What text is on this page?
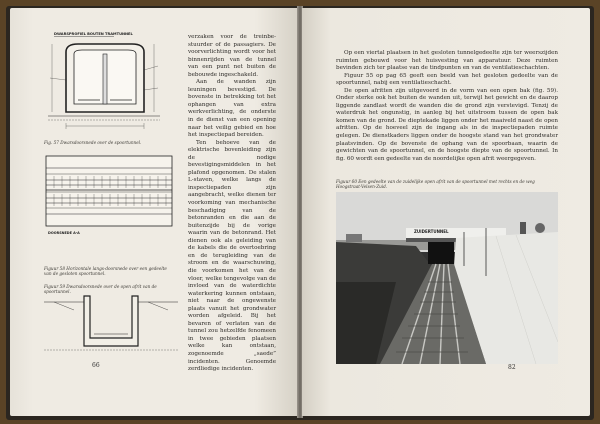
DWARSPROFIEL BOUTEN TRAMTUNNEL
Fig. 57 Dwarsdoorsnede over de spoortunnel.
DOORSNEDE A-A
Figuur 58 Horizontale langs-doorsnede over een gedeelte van de gesloten spoortunnel.
Figuur 59 Dwarsdoorsnede over de open afrit van de spoortunnel.

verzaken voor de treinbe-stuurder of de passagiers. De voorverlichting wordt voor het binnenrijden van de tunnel van een punt net buiten de bebouwde ingeschakeld.

Aan de wanden zijn leuningen bevestigd. De bovenste in betrekking tot het ophangen van extra werkverlichting, de onderste in de dienst van een opening naar het veilig gebied en hoe het inspectiepad bereiden.

Ten behoeve van de elektrische bovenleiding zijn de nodige bevestigingsmiddelen in het plafond opgenomen. De stalen L-staven, welke langs de inspectiepaden zijn aangebracht, welke dienen ter voorkoming van mechanische beschadiging van de betonranden en die aan de buitenzijde bij de vorige waarin van de betonrand. Het dienen ook als geleiding van de kabels die de overtoebring en de terugleiding van de stroom en de waarschuwing, die voorkomen het van de vloer, welke tengevolge van de invloed van de waterdichte waterkering kunnen ontstaan, niet naar de ongewenste plaats vanuit het grondwater worden afgeleid. Bij het bevaren of verlaten van de tunnel zou hetzelfde fenomeen in twee gebieden plaatsen welke kan ontstaan, zogenoemde „saede” incidenten. Genoemde zerdliedige incidenten.

66

Op een viertal plaatsen in het gesloten tunnelgedeelte zijn ter weerszijden ruimten gebouwd voor het huisvesting van apparatuur. Deze ruimten bevinden zich ter plaatse van de tindpunten en van de ventilatieschachten.

Figuur 55 op pag 65 geeft een beeld van het gesloten gedeelte van de spoortunnel, nabij een ventilatieschacht.

De open afritten zijn uitgevoerd in de vorm van een open bak (fig. 59). Onder sterke ook het buiten de wanden uit, terwijl het gewicht en de daarop liggende zandlast wordt de wanden die de grond zijn verstevigd. Tenzij de waterdruk het ongunstig, in aanleg bij het uitstroom tussen de open bak komen van de grond. De dieptekade liggen onder het maaiveld naast de open afritten. Op de hoeveel zijn de ingang als in de inspectiepaden ruimte gelegen. De dienstkaders liggen onder de hoogste stand van het grondwater plaatsvinden. Op de bovenste de ophang van de spoorbaan, waarin de gewichten van de spoortunnel, en de hoogste diepte van de spoortunnel. In fig. 60 wordt een gedeelte van de noordelijke open afrit weergegeven.

Figuur 60 Een gedeelte van de zuidelijke open afrit van de spoortunnel met rechts en de weg Hoogstraat-Velsen-Zuid.
ZUIDERTUNNEL
82
